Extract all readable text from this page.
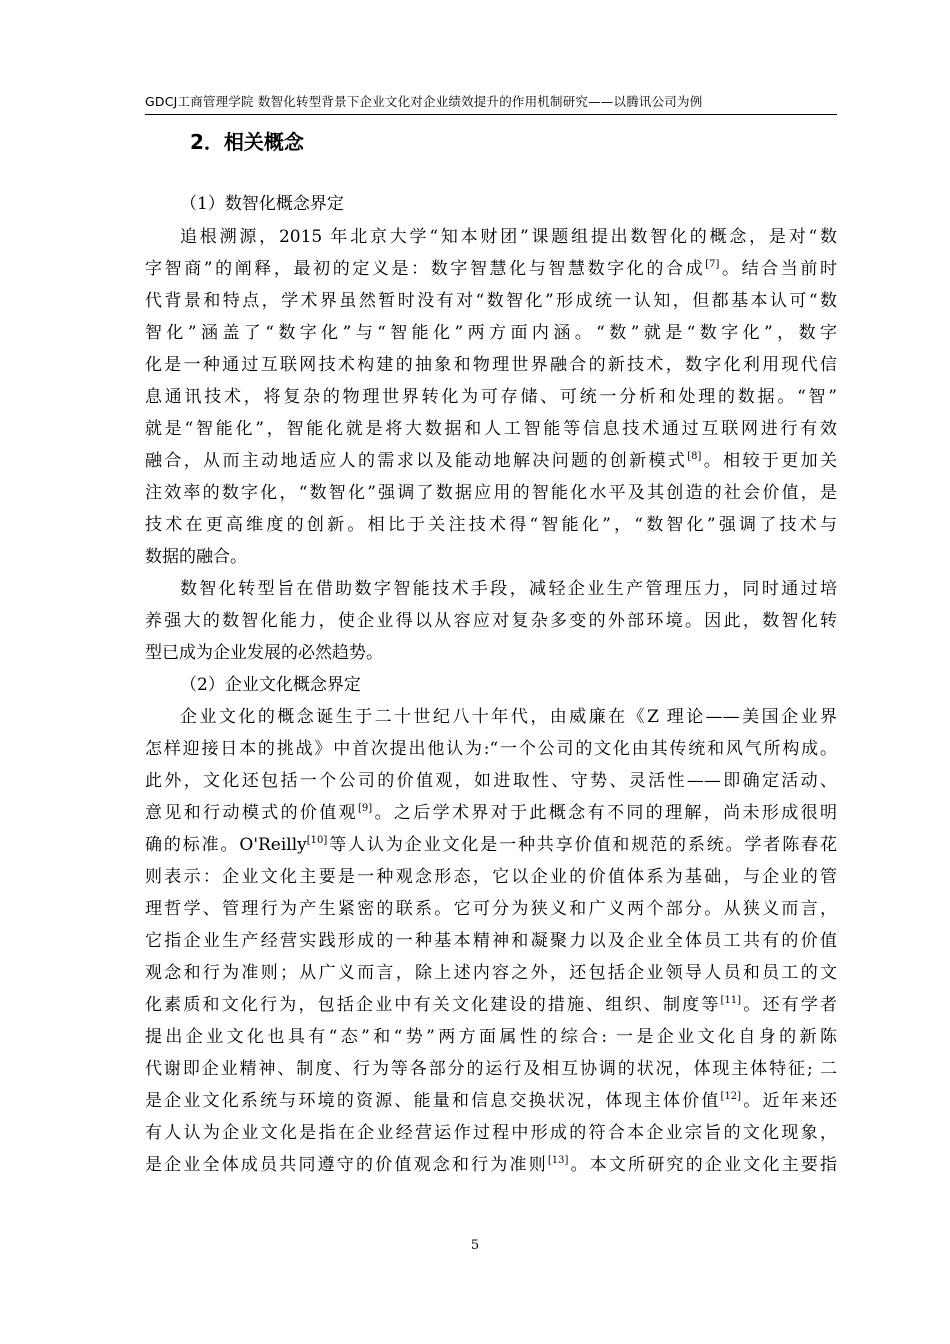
GDCJ工商管理学院 数智化转型背景下企业文化对企业绩效提升的作用机制研究——以腾讯公司为例
2．相关概念
（1）数智化概念界定
追根溯源，2015 年北京大学“知本财团”课题组提出数智化的概念，是对“数
字智商”的阐释，最初的定义是：数字智慧化与智慧数字化的合成[7]。结合当前时
代背景和特点，学术界虽然暂时没有对“数智化”形成统一认知，但都基本认可“数
智化”涵盖了“数字化”与“智能化”两方面内涵。“数”就是“数字化”，数字
化是一种通过互联网技术构建的抽象和物理世界融合的新技术，数字化利用现代信
息通讯技术，将复杂的物理世界转化为可存储、可统一分析和处理的数据。“智”
就是“智能化”，智能化就是将大数据和人工智能等信息技术通过互联网进行有效
融合，从而主动地适应人的需求以及能动地解决问题的创新模式[8]。相较于更加关
注效率的数字化，“数智化”强调了数据应用的智能化水平及其创造的社会价值，是
技术在更高维度的创新。相比于关注技术得“智能化”，“数智化”强调了技术与
数据的融合。
数智化转型旨在借助数字智能技术手段，减轻企业生产管理压力，同时通过培
养强大的数智化能力，使企业得以从容应对复杂多变的外部环境。因此，数智化转
型已成为企业发展的必然趋势。
（2）企业文化概念界定
企业文化的概念诞生于二十世纪八十年代，由威廉在《Z 理论——美国企业界
怎样迎接日本的挑战》中首次提出他认为:“一个公司的文化由其传统和风气所构成。
此外，文化还包括一个公司的价值观，如进取性、守势、灵活性——即确定活动、
意见和行动模式的价值观[9]。之后学术界对于此概念有不同的理解，尚未形成很明
确的标准。O'Reilly[10]等人认为企业文化是一种共享价值和规范的系统。学者陈春花
则表示：企业文化主要是一种观念形态，它以企业的价值体系为基础，与企业的管
理哲学、管理行为产生紧密的联系。它可分为狭义和广义两个部分。从狭义而言，
它指企业生产经营实践形成的一种基本精神和凝聚力以及企业全体员工共有的价值
观念和行为准则；从广义而言，除上述内容之外，还包括企业领导人员和员工的文
化素质和文化行为，包括企业中有关文化建设的措施、组织、制度等[11]。还有学者
提出企业文化也具有“态”和“势”两方面属性的综合: 一是企业文化自身的新陈
代谢即企业精神、制度、行为等各部分的运行及相互协调的状况，体现主体特征; 二
是企业文化系统与环境的资源、能量和信息交换状况，体现主体价值[12]。近年来还
有人认为企业文化是指在企业经营运作过程中形成的符合本企业宗旨的文化现象，
是企业全体成员共同遵守的价值观念和行为准则[13]。本文所研究的企业文化主要指
5
